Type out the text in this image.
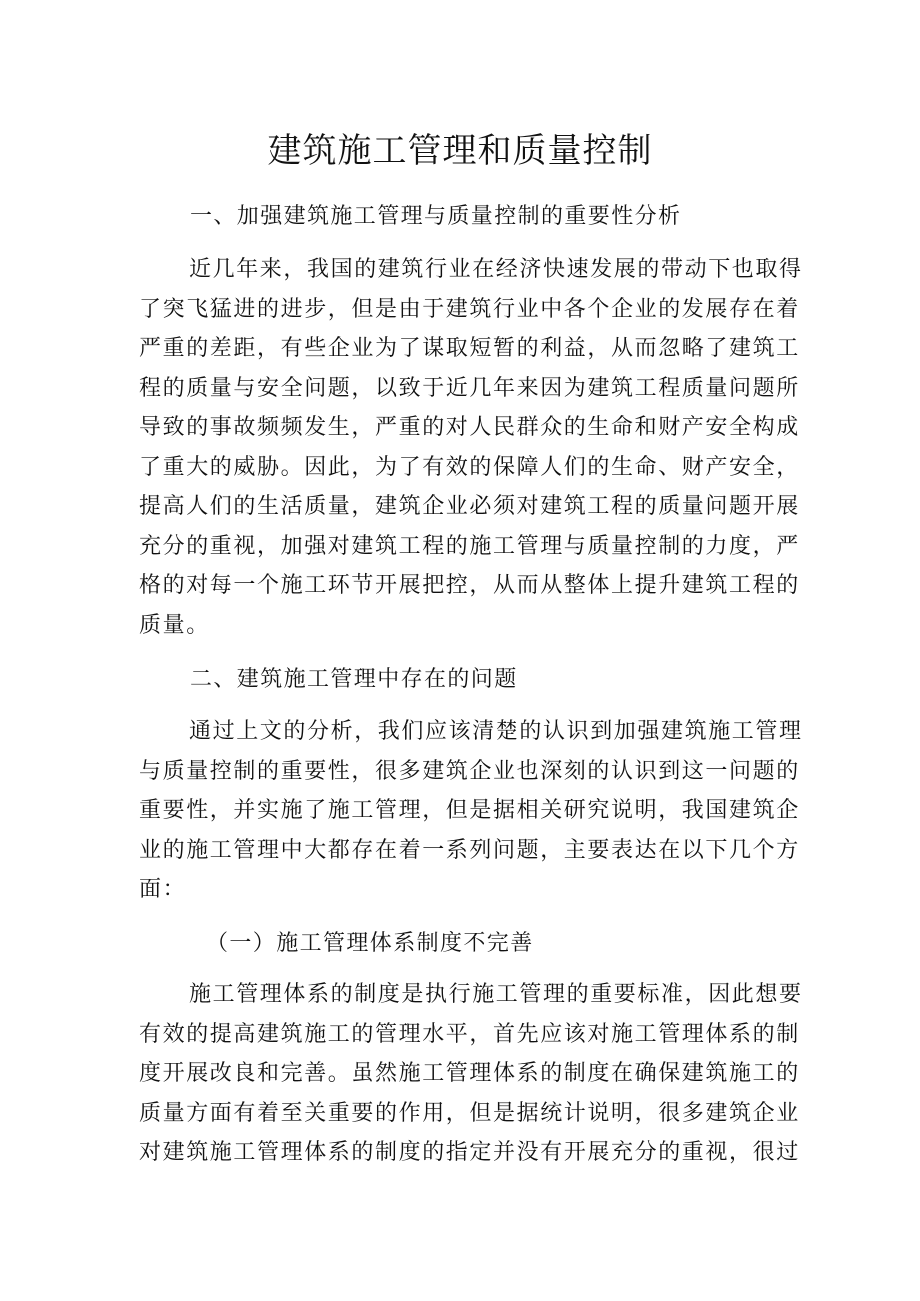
建筑施工管理和质量控制

一、加强建筑施工管理与质量控制的重要性分析

近几年来，我国的建筑行业在经济快速发展的带动下也取得
了突飞猛进的进步，但是由于建筑行业中各个企业的发展存在着
严重的差距，有些企业为了谋取短暂的利益，从而忽略了建筑工
程的质量与安全问题，以致于近几年来因为建筑工程质量问题所
导致的事故频频发生，严重的对人民群众的生命和财产安全构成
了重大的威胁。因此，为了有效的保障人们的生命、财产安全，
提高人们的生活质量，建筑企业必须对建筑工程的质量问题开展
充分的重视，加强对建筑工程的施工管理与质量控制的力度，严
格的对每一个施工环节开展把控，从而从整体上提升建筑工程的
质量。

二、建筑施工管理中存在的问题

通过上文的分析，我们应该清楚的认识到加强建筑施工管理
与质量控制的重要性，很多建筑企业也深刻的认识到这一问题的
重要性，并实施了施工管理，但是据相关研究说明，我国建筑企
业的施工管理中大都存在着一系列问题，主要表达在以下几个方
面：

（一）施工管理体系制度不完善

施工管理体系的制度是执行施工管理的重要标准，因此想要
有效的提高建筑施工的管理水平，首先应该对施工管理体系的制
度开展改良和完善。虽然施工管理体系的制度在确保建筑施工的
质量方面有着至关重要的作用，但是据统计说明，很多建筑企业
对建筑施工管理体系的制度的指定并没有开展充分的重视，很过
